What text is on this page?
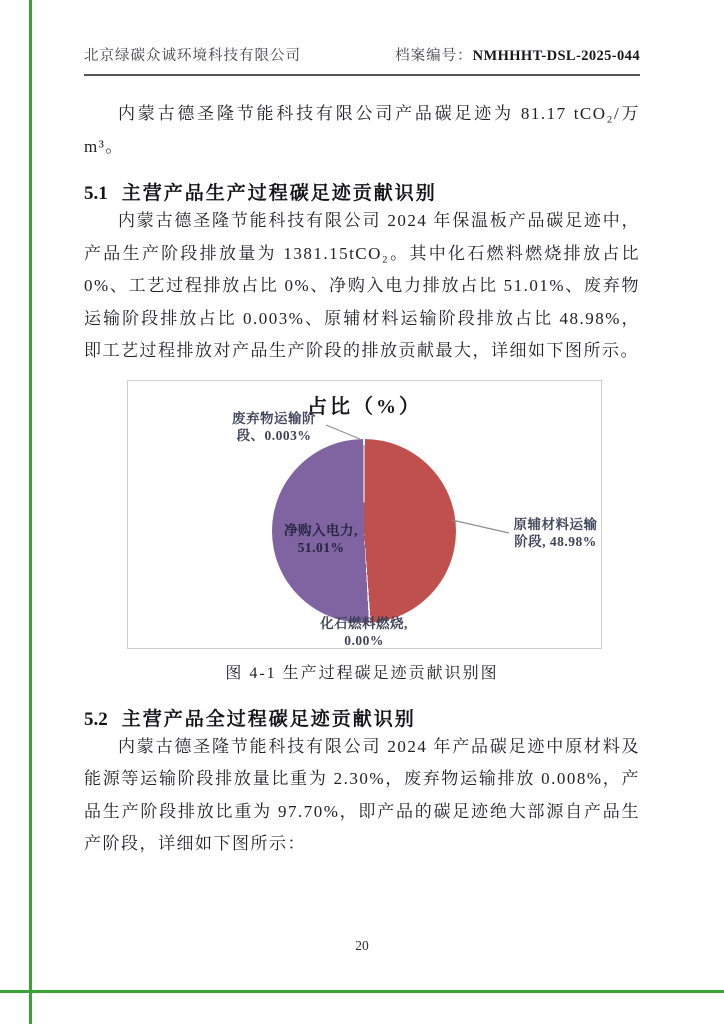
北京绿碳众诚环境科技有限公司	档案编号：NMHHHT-DSL-2025-044

内蒙古德圣隆节能科技有限公司产品碳足迹为 81.17 tCO₂/万 m³。

5.1 主营产品生产过程碳足迹贡献识别

内蒙古德圣隆节能科技有限公司 2024 年保温板产品碳足迹中，产品生产阶段排放量为 1381.15tCO₂。其中化石燃料燃烧排放占比 0%、工艺过程排放占比 0%、净购入电力排放占比 51.01%、废弃物运输阶段排放占比 0.003%、原辅材料运输阶段排放占比 48.98%，即工艺过程排放对产品生产阶段的排放贡献最大，详细如下图所示。

占比（%）
废弃物运输阶
段、0.003%
净购入电力,
51.01%
原辅材料运输
阶段, 48.98%
化石燃料燃烧,
0.00%

图 4-1 生产过程碳足迹贡献识别图

5.2 主营产品全过程碳足迹贡献识别

内蒙古德圣隆节能科技有限公司 2024 年产品碳足迹中原材料及能源等运输阶段排放量比重为 2.30%，废弃物运输排放 0.008%，产品生产阶段排放比重为 97.70%，即产品的碳足迹绝大部源自产品生产阶段，详细如下图所示：

20
